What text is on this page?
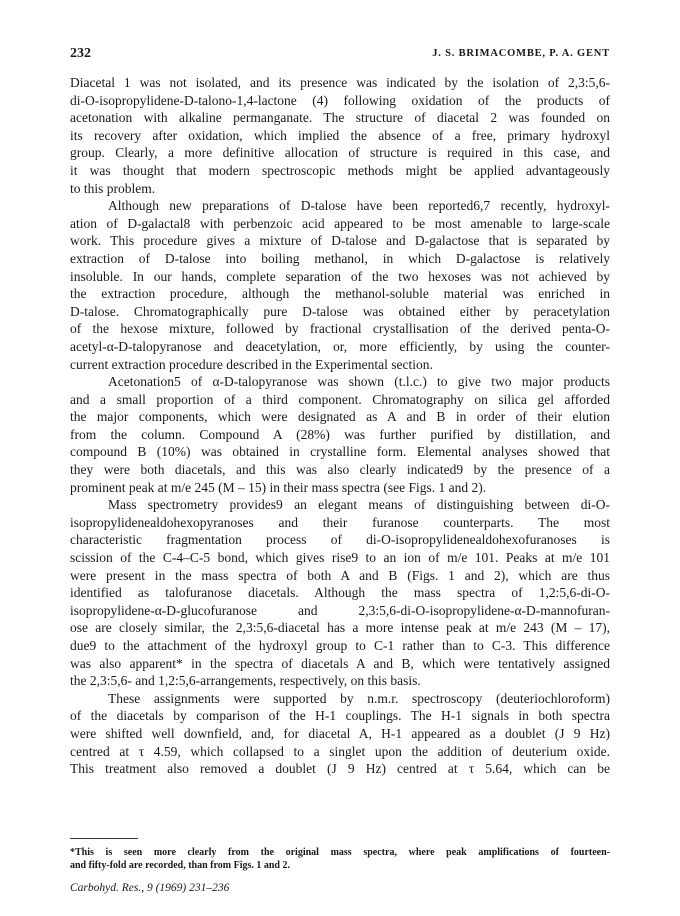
232	J. S. BRIMACOMBE, P. A. GENT
Diacetal 1 was not isolated, and its presence was indicated by the isolation of 2,3:5,6-
di-O-isopropylidene-D-talono-1,4-lactone (4) following oxidation of the products of
acetonation with alkaline permanganate. The structure of diacetal 2 was founded on
its recovery after oxidation, which implied the absence of a free, primary hydroxyl
group. Clearly, a more definitive allocation of structure is required in this case, and
it was thought that modern spectroscopic methods might be applied advantageously
to this problem.
Although new preparations of D-talose have been reported6,7 recently, hydroxyl-
ation of D-galactal8 with perbenzoic acid appeared to be most amenable to large-scale
work. This procedure gives a mixture of D-talose and D-galactose that is separated by
extraction of D-talose into boiling methanol, in which D-galactose is relatively
insoluble. In our hands, complete separation of the two hexoses was not achieved by
the extraction procedure, although the methanol-soluble material was enriched in
D-talose. Chromatographically pure D-talose was obtained either by peracetylation
of the hexose mixture, followed by fractional crystallisation of the derived penta-O-
acetyl-α-D-talopyranose and deacetylation, or, more efficiently, by using the counter-
current extraction procedure described in the Experimental section.
Acetonation5 of α-D-talopyranose was shown (t.l.c.) to give two major products
and a small proportion of a third component. Chromatography on silica gel afforded
the major components, which were designated as A and B in order of their elution
from the column. Compound A (28%) was further purified by distillation, and
compound B (10%) was obtained in crystalline form. Elemental analyses showed that
they were both diacetals, and this was also clearly indicated9 by the presence of a
prominent peak at m/e 245 (M – 15) in their mass spectra (see Figs. 1 and 2).
Mass spectrometry provides9 an elegant means of distinguishing between di-O-
isopropylidenealdohexopyranoses and their furanose counterparts. The most
characteristic fragmentation process of di-O-isopropylidenealdohexofuranoses is
scission of the C-4–C-5 bond, which gives rise9 to an ion of m/e 101. Peaks at m/e 101
were present in the mass spectra of both A and B (Figs. 1 and 2), which are thus
identified as talofuranose diacetals. Although the mass spectra of 1,2:5,6-di-O-
isopropylidene-α-D-glucofuranose and 2,3:5,6-di-O-isopropylidene-α-D-mannofuran-
ose are closely similar, the 2,3:5,6-diacetal has a more intense peak at m/e 243 (M – 17),
due9 to the attachment of the hydroxyl group to C-1 rather than to C-3. This difference
was also apparent* in the spectra of diacetals A and B, which were tentatively assigned
the 2,3:5,6- and 1,2:5,6-arrangements, respectively, on this basis.
These assignments were supported by n.m.r. spectroscopy (deuteriochloroform)
of the diacetals by comparison of the H-1 couplings. The H-1 signals in both spectra
were shifted well downfield, and, for diacetal A, H-1 appeared as a doublet (J 9 Hz)
centred at τ 4.59, which collapsed to a singlet upon the addition of deuterium oxide.
This treatment also removed a doublet (J 9 Hz) centred at τ 5.64, which can be
*This is seen more clearly from the original mass spectra, where peak amplifications of fourteen-
and fifty-fold are recorded, than from Figs. 1 and 2.
Carbohyd. Res., 9 (1969) 231–236
